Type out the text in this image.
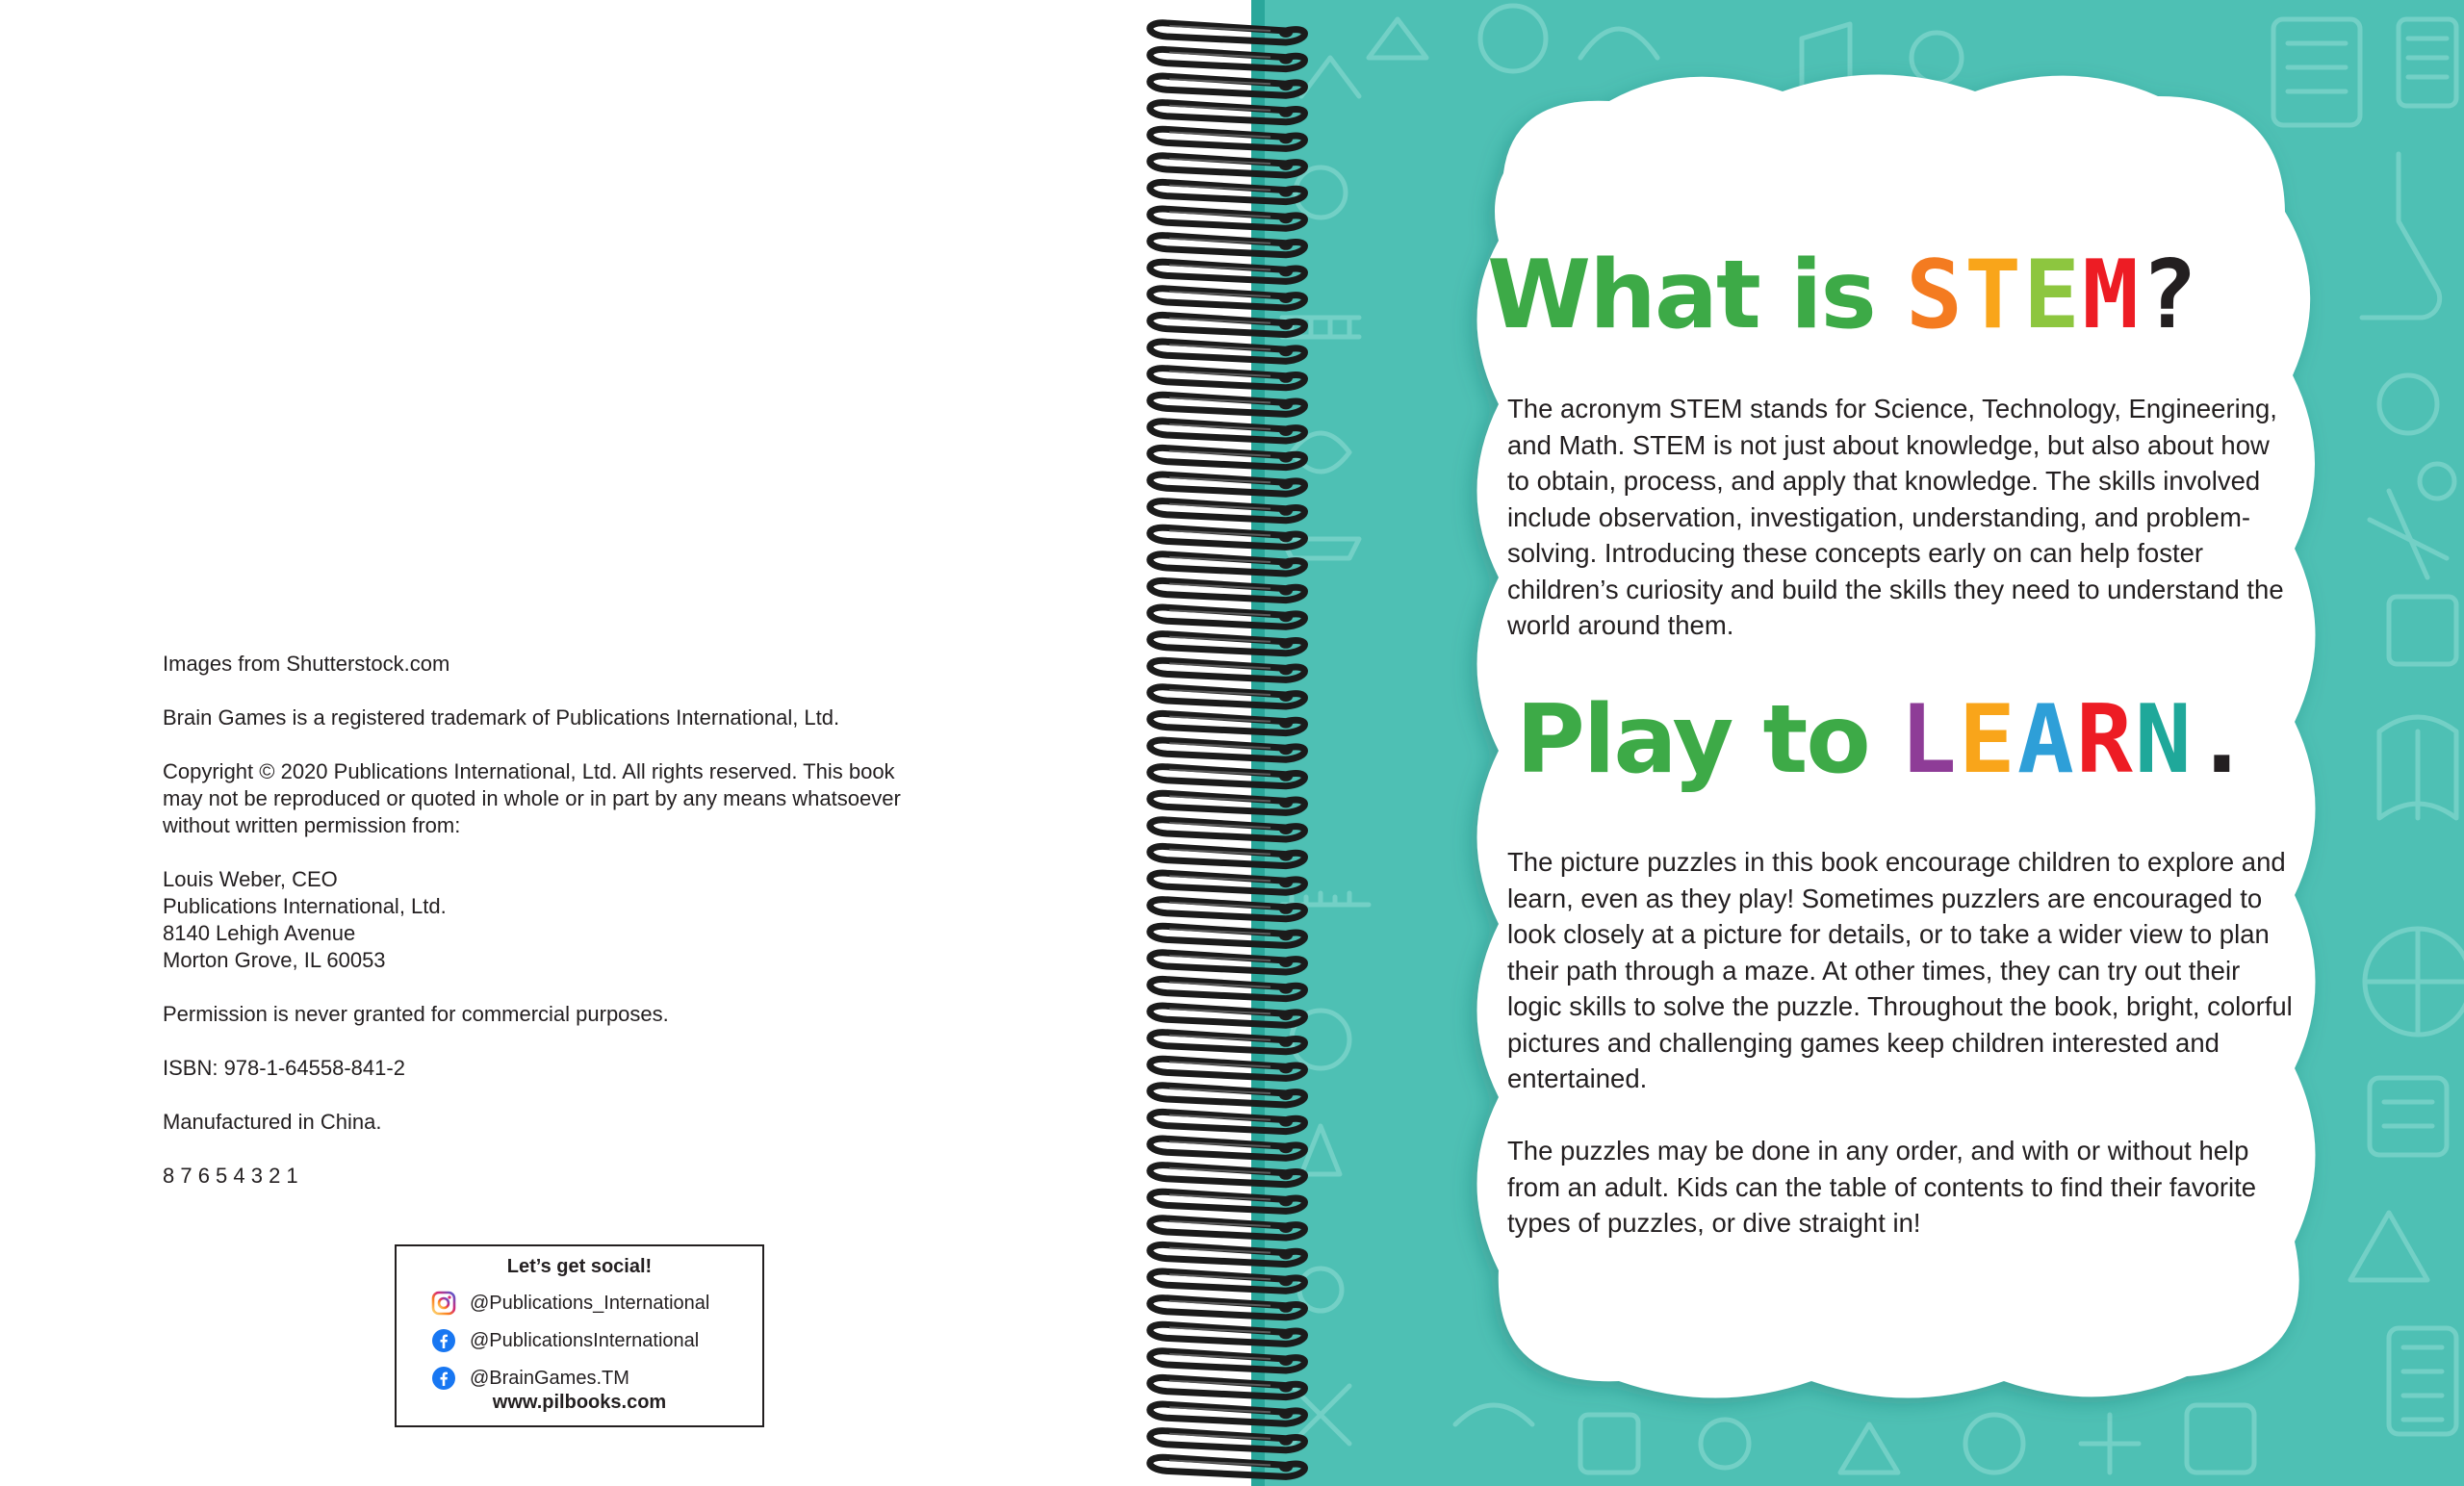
Images from Shutterstock.com

Brain Games is a registered trademark of Publications International, Ltd.

Copyright © 2020 Publications International, Ltd. All rights reserved. This book
may not be reproduced or quoted in whole or in part by any means whatsoever
without written permission from:

Louis Weber, CEO
Publications International, Ltd.
8140 Lehigh Avenue
Morton Grove, IL 60053

Permission is never granted for commercial purposes.

ISBN: 978-1-64558-841-2

Manufactured in China.

8 7 6 5 4 3 2 1

Let’s get social!
@Publications_International
@PublicationsInternational
@BrainGames.TM
www.pilbooks.com
What is STEM?
The acronym STEM stands for Science, Technology, Engineering, and Math. STEM is not just about knowledge, but also about how to obtain, process, and apply that knowledge. The skills involved include observation, investigation, understanding, and problem-solving. Introducing these concepts early on can help foster children’s curiosity and build the skills they need to understand the world around them.
Play to LEARN.
The picture puzzles in this book encourage children to explore and learn, even as they play! Sometimes puzzlers are encouraged to look closely at a picture for details, or to take a wider view to plan their path through a maze. At other times, they can try out their logic skills to solve the puzzle. Throughout the book, bright, colorful pictures and challenging games keep children interested and entertained.
The puzzles may be done in any order, and with or without help from an adult. Kids can the table of contents to find their favorite types of puzzles, or dive straight in!
